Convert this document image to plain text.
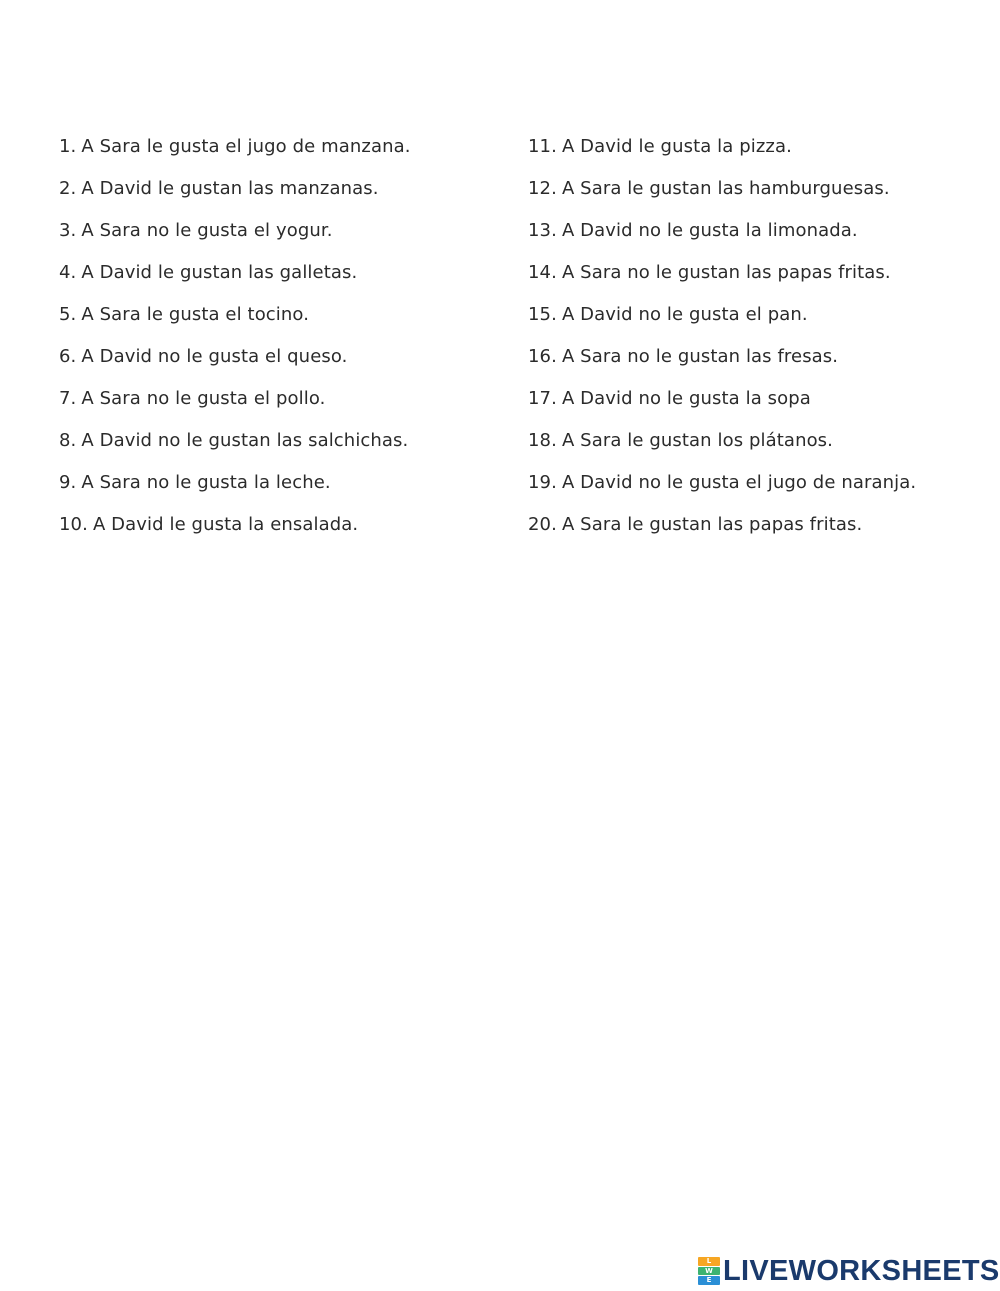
1. A Sara le gusta el jugo de manzana.
2. A David le gustan las manzanas.
3. A Sara no le gusta el yogur.
4. A David le gustan las galletas.
5. A Sara le gusta el tocino.
6. A David no le gusta el queso.
7. A Sara no le gusta el pollo.
8. A David no le gustan las salchichas.
9. A Sara no le gusta la leche.
10. A David le gusta la ensalada.
11. A David le gusta la pizza.
12. A Sara le gustan las hamburguesas.
13. A David no le gusta la limonada.
14. A Sara no le gustan las papas fritas.
15. A David no le gusta el pan.
16. A Sara no le gustan las fresas.
17. A David no le gusta la sopa
18. A Sara le gustan los plátanos.
19. A David no le gusta el jugo de naranja.
20. A Sara le gustan las papas fritas.
L
W
E LIVEWORKSHEETS
